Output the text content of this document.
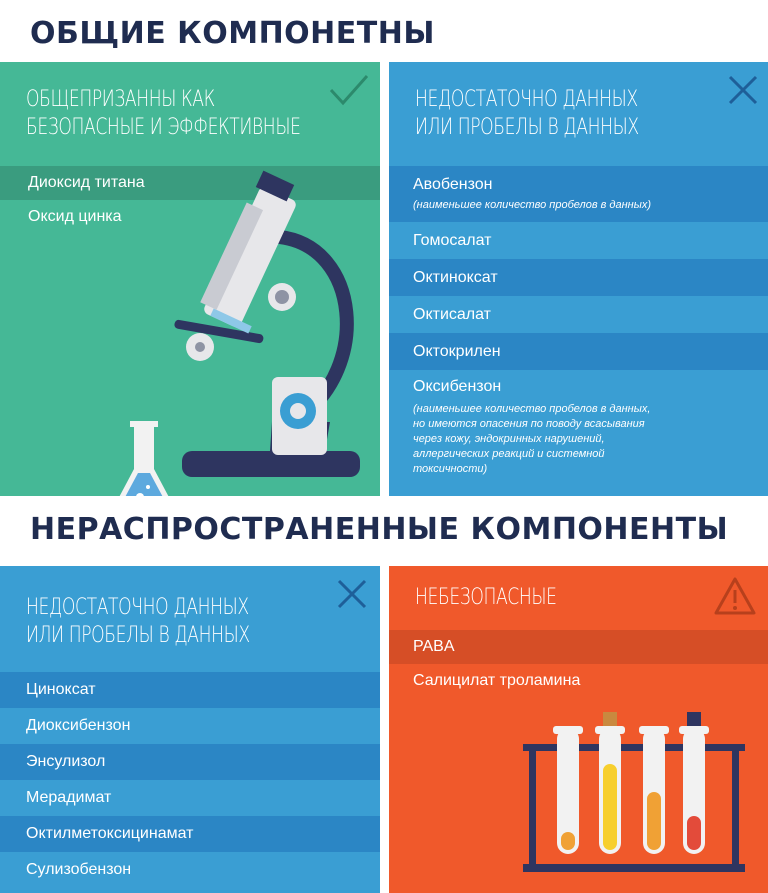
ОБЩИЕ КОМПОНЕТНЫ
ОБЩЕПРИЗАННЫ КАК
БЕЗОПАСНЫЕ И ЭФФЕКТИВНЫЕ
Диоксид титана
Оксид цинка
НЕДОСТАТОЧНО ДАННЫХ
ИЛИ ПРОБЕЛЫ В ДАННЫХ
Авобензон
(наименьшее количество пробелов в данных)
Гомосалат
Октиноксат
Октисалат
Октокрилен
Оксибензон
(наименьшее количество пробелов в данных,
но имеются опасения по поводу всасывания
через кожу, эндокринных нарушений,
аллергических реакций и системной
токсичности)
НЕРАСПРОСТРАНЕННЫЕ КОМПОНЕНТЫ
НЕДОСТАТОЧНО ДАННЫХ
ИЛИ ПРОБЕЛЫ В ДАННЫХ
Циноксат
Диоксибензон
Энсулизол
Мерадимат
Октилметоксицинамат
Сулизобензон
НЕБЕЗОПАСНЫЕ
PABA
Салицилат троламина
